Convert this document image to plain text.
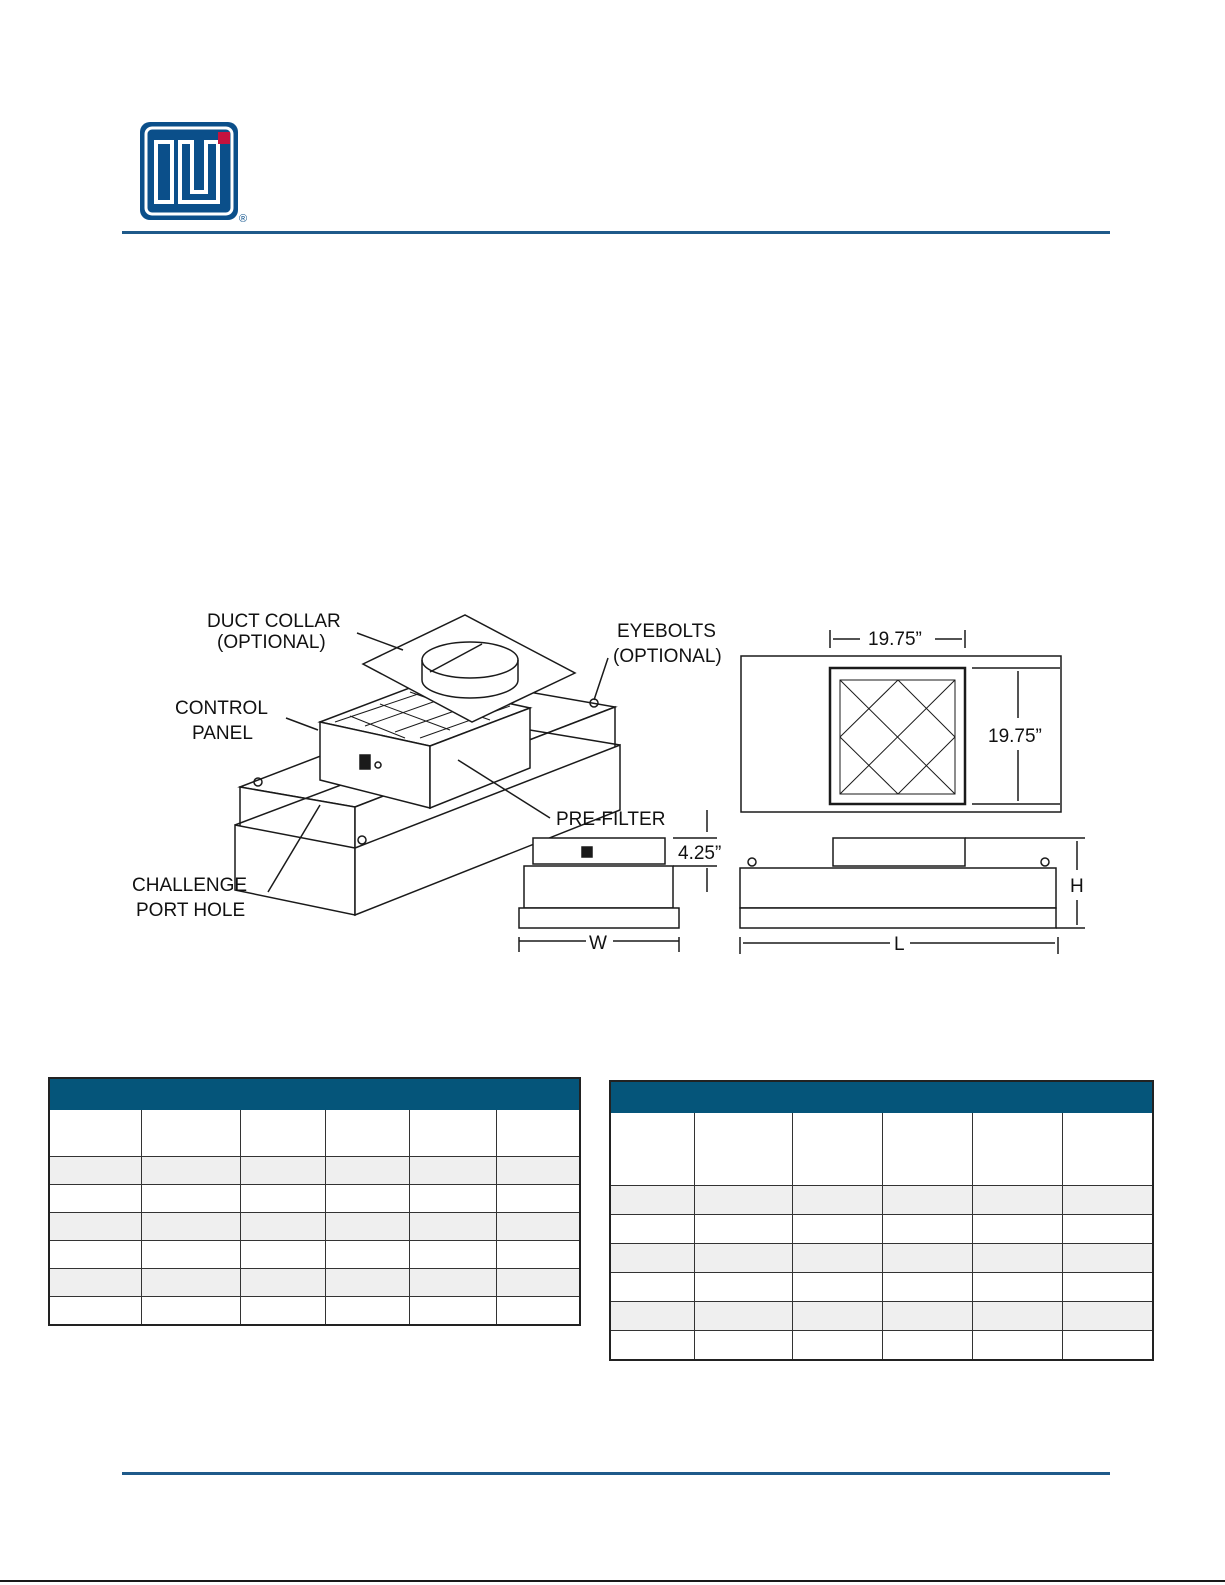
®
DUCT COLLAR
(OPTIONAL)
EYEBOLTS
(OPTIONAL)
CONTROL
PANEL
PRE-FILTER
CHALLENGE
PORT HOLE
19.75”
19.75”
4.25”
W	L
H
